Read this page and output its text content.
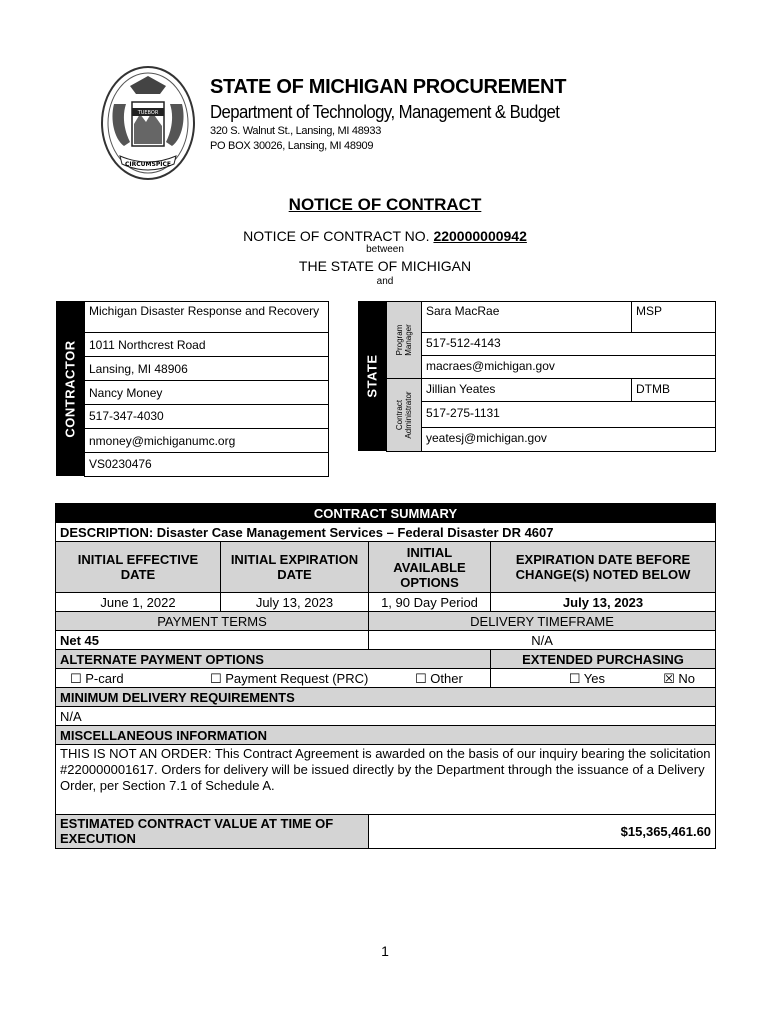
TUEBOR
CIRCUMSPICE
STATE OF MICHIGAN PROCUREMENT
Department of Technology, Management & Budget
320 S. Walnut St., Lansing, MI 48933
PO BOX 30026, Lansing, MI 48909
NOTICE OF CONTRACT
NOTICE OF CONTRACT NO. 220000000942
between
THE STATE OF MICHIGAN
and
CONTRACTOR
Michigan Disaster Response and Recovery
1011 Northcrest Road
Lansing, MI 48906
Nancy Money
517-347-4030
nmoney@michiganumc.org
VS0230476
STATE
Program Manager
Contract Administrator
Sara MacRae	MSP
517-512-4143
macraes@michigan.gov
Jillian Yeates	DTMB
517-275-1131
yeatesj@michigan.gov
CONTRACT SUMMARY			
DESCRIPTION: Disaster Case Management Services – Federal Disaster DR 4607			
INITIAL EFFECTIVE DATE	INITIAL EXPIRATION DATE	INITIAL AVAILABLE OPTIONS	EXPIRATION DATE BEFORE CHANGE(S) NOTED BELOW
June 1, 2022	July 13, 2023	1, 90 Day Period	July 13, 2023
PAYMENT TERMS		DELIVERY TIMEFRAME	
Net 45		N/A	
ALTERNATE PAYMENT OPTIONS			EXTENDED PURCHASING
☐ P-card ☐ Payment Request (PRC) ☐ Other			☐ Yes ☒ No
MINIMUM DELIVERY REQUIREMENTS			
N/A			
MISCELLANEOUS INFORMATION			
THIS IS NOT AN ORDER: This Contract Agreement is awarded on the basis of our inquiry bearing the solicitation #220000001617. Orders for delivery will be issued directly by the Department through the issuance of a Delivery Order, per Section 7.1 of Schedule A.			
ESTIMATED CONTRACT VALUE AT TIME OF EXECUTION		$15,365,461.60	
1
